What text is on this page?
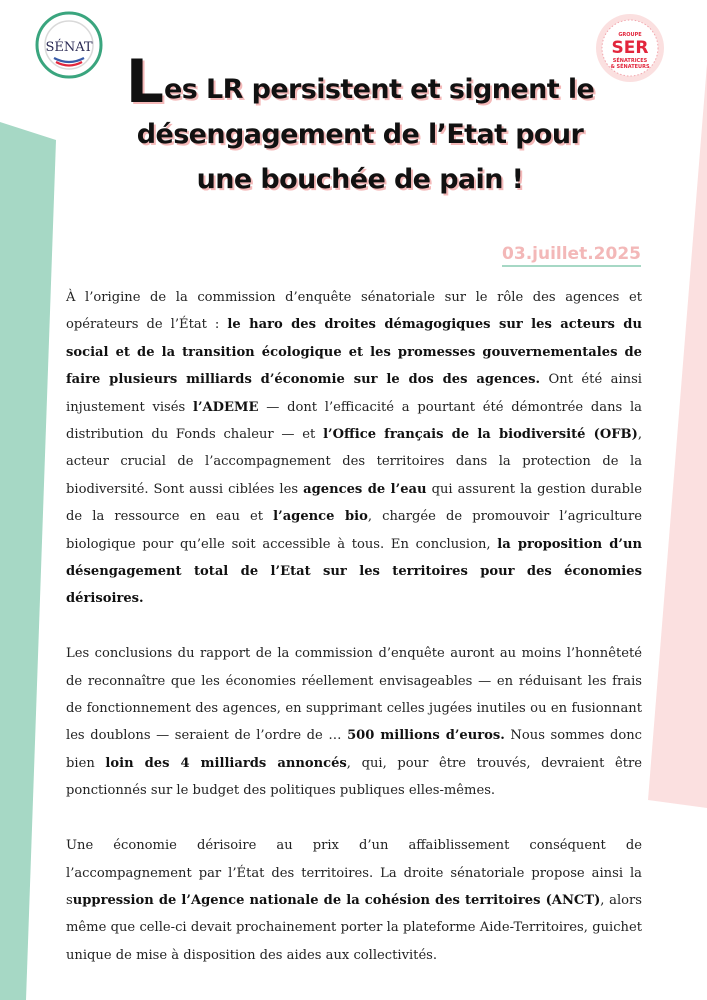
SÉNAT
GROUPE
SER
SÉNATRICES
& SÉNATEURS
Les LR persistent et signent le
désengagement de l’Etat pour
une bouchée de pain !
03.juillet.2025

À l’origine de la commission d’enquête sénatoriale sur le rôle des agences et opérateurs de l’État : le haro des droites démagogiques sur les acteurs du social et de la transition écologique et les promesses gouvernementales de faire plusieurs milliards d’économie sur le dos des agences. Ont été ainsi injustement visés l’ADEME — dont l’efficacité a pourtant été démontrée dans la distribution du Fonds chaleur — et l’Office français de la biodiversité (OFB), acteur crucial de l’accompagnement des territoires dans la protection de la biodiversité. Sont aussi ciblées les agences de l’eau qui assurent la gestion durable de la ressource en eau et l’agence bio, chargée de promouvoir l’agriculture biologique pour qu’elle soit accessible à tous. En conclusion, la proposition d’un désengagement total de l’Etat sur les territoires pour des économies dérisoires.

Les conclusions du rapport de la commission d’enquête auront au moins l’honnêteté de reconnaître que les économies réellement envisageables — en réduisant les frais de fonctionnement des agences, en supprimant celles jugées inutiles ou en fusionnant les doublons — seraient de l’ordre de … 500 millions d’euros. Nous sommes donc bien loin des 4 milliards annoncés, qui, pour être trouvés, devraient être ponctionnés sur le budget des politiques publiques elles-mêmes.

Une économie dérisoire au prix d’un affaiblissement conséquent de l’accompagnement par l’État des territoires. La droite sénatoriale propose ainsi la suppression de l’Agence nationale de la cohésion des territoires (ANCT), alors même que celle-ci devait prochainement porter la plateforme Aide-Territoires, guichet unique de mise à disposition des aides aux collectivités.
